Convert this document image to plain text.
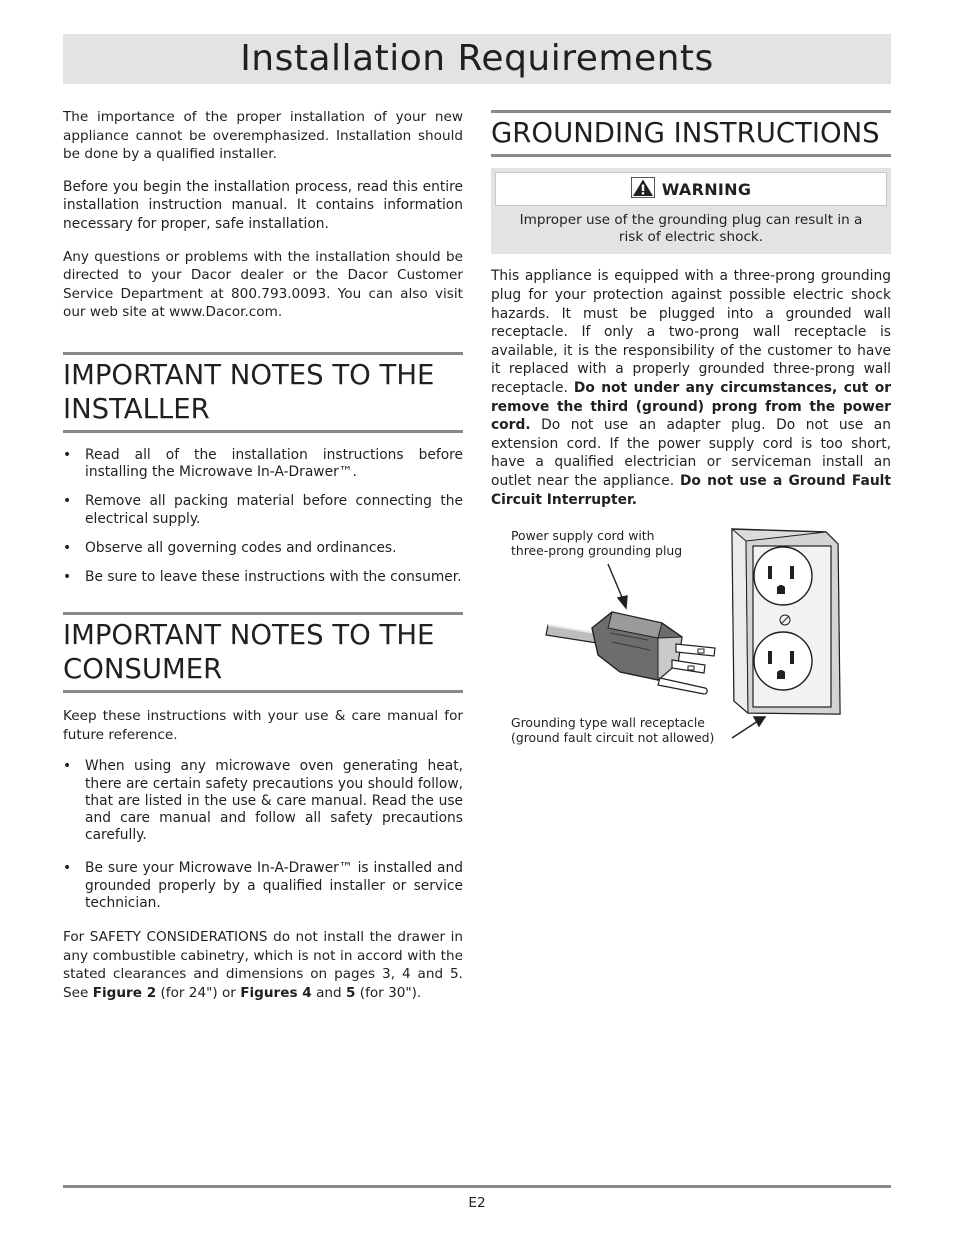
Installation Requirements

The importance of the proper installation of your new appliance cannot be overemphasized. Installation should be done by a qualified installer.

Before you begin the installation process, read this entire installation instruction manual. It contains information necessary for proper, safe installation.

Any questions or problems with the installation should be directed to your Dacor dealer or the Dacor Customer Service Department at 800.793.0093. You can also visit our web site at www.Dacor.com.

IMPORTANT NOTES TO THE
INSTALLER
• Read all of the installation instructions before installing the Microwave In-A-Drawer™.
• Remove all packing material before connecting the electrical supply.
• Observe all governing codes and ordinances.
• Be sure to leave these instructions with the consumer.
IMPORTANT NOTES TO THE
CONSUMER

Keep these instructions with your use & care manual for future reference.

• When using any microwave oven generating heat, there are certain safety precautions you should follow, that are listed in the use & care manual. Read the use and care manual and follow all safety precautions carefully.
• Be sure your Microwave In-A-Drawer™ is installed and grounded properly by a qualified installer or service technician.

For SAFETY CONSIDERATIONS do not install the drawer in any combustible cabinetry, which is not in accord with the stated clearances and dimensions on pages 3, 4 and 5. See Figure 2 (for 24") or Figures 4 and 5 (for 30").

GROUNDING INSTRUCTIONS
WARNING
Improper use of the grounding plug can result in a risk of electric shock.

This appliance is equipped with a three-prong grounding plug for your protection against possible electric shock hazards. It must be plugged into a grounded wall receptacle. If only a two-prong wall receptacle is available, it is the responsibility of the customer to have it replaced with a properly grounded three-prong wall receptacle. Do not under any circumstances, cut or remove the third (ground) prong from the power cord. Do not use an adapter plug. Do not use an extension cord. If the power supply cord is too short, have a qualified electrician or serviceman install an outlet near the appliance. Do not use a Ground Fault Circuit Interrupter.

Power supply cord with
three-prong grounding plug
Grounding type wall receptacle
(ground fault circuit not allowed)
E2
